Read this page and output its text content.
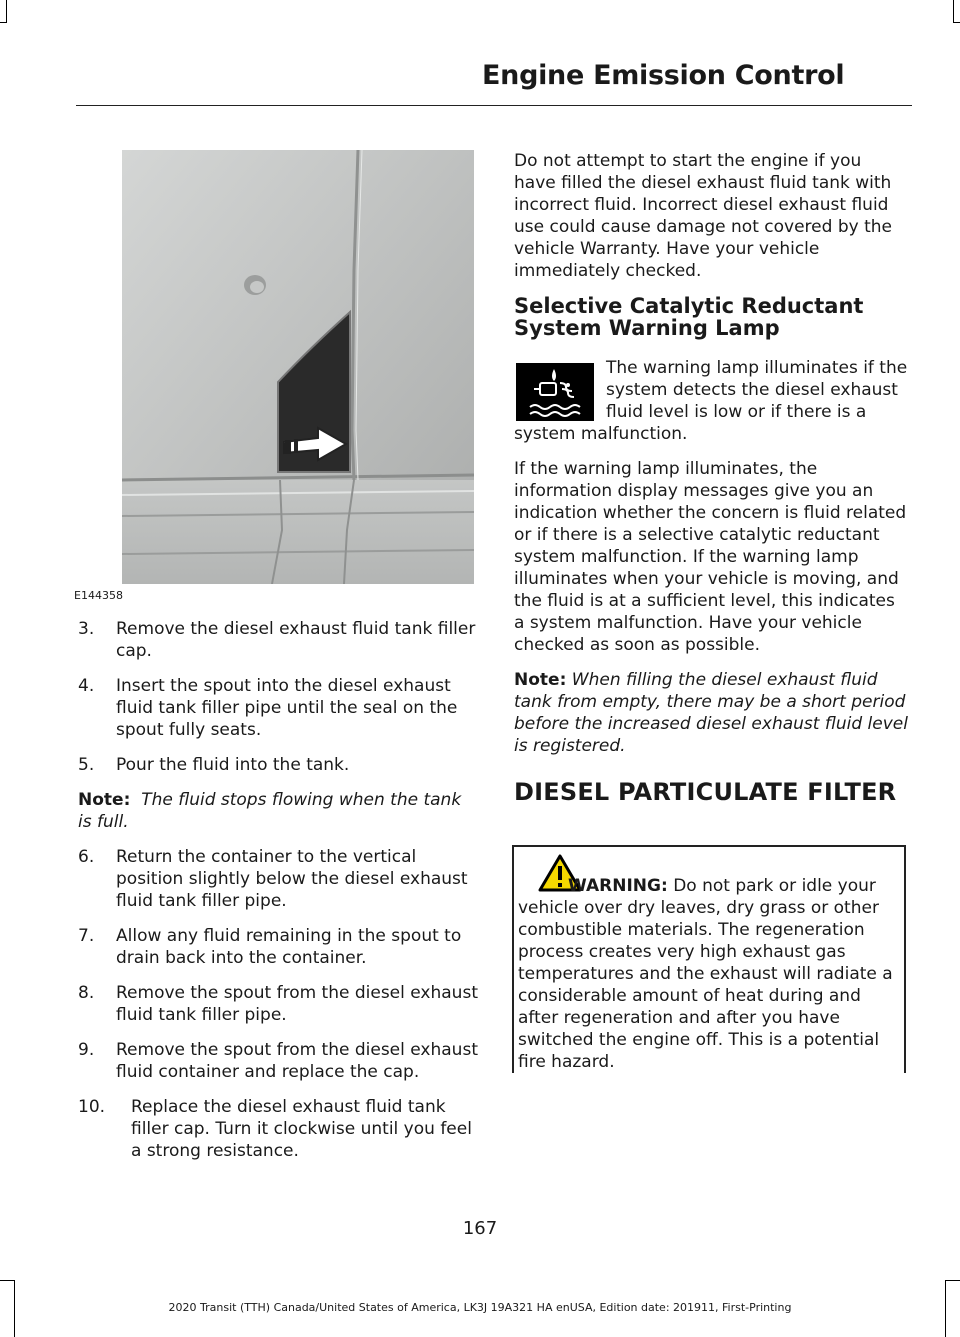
Engine Emission Control
E144358
3. Remove the diesel exhaust fluid tank filler cap.
4. Insert the spout into the diesel exhaust fluid tank filler pipe until the seal on the spout fully seats.
5. Pour the fluid into the tank.
Note: The fluid stops flowing when the tank is full.
6. Return the container to the vertical position slightly below the diesel exhaust fluid tank filler pipe.
7. Allow any fluid remaining in the spout to drain back into the container.
8. Remove the spout from the diesel exhaust fluid tank filler pipe.
9. Remove the spout from the diesel exhaust fluid container and replace the cap.
10. Replace the diesel exhaust fluid tank filler cap. Turn it clockwise until you feel a strong resistance.

Do not attempt to start the engine if you have filled the diesel exhaust fluid tank with incorrect fluid. Incorrect diesel exhaust fluid use could cause damage not covered by the vehicle Warranty. Have your vehicle immediately checked.

Selective Catalytic Reductant System Warning Lamp

The warning lamp illuminates if the system detects the diesel exhaust fluid level is low or if there is a system malfunction.

If the warning lamp illuminates, the information display messages give you an indication whether the concern is fluid related or if there is a selective catalytic reductant system malfunction. If the warning lamp illuminates when your vehicle is moving, and the fluid is at a sufficient level, this indicates a system malfunction. Have your vehicle checked as soon as possible.

Note: When filling the diesel exhaust fluid tank from empty, there may be a short period before the increased diesel exhaust fluid level is registered.

DIESEL PARTICULATE FILTER
WARNING: Do not park or idle your vehicle over dry leaves, dry grass or other combustible materials. The regeneration process creates very high exhaust gas temperatures and the exhaust will radiate a considerable amount of heat during and after regeneration and after you have switched the engine off. This is a potential fire hazard.
167
2020 Transit (TTH) Canada/United States of America, LK3J 19A321 HA enUSA, Edition date: 201911, First-Printing
